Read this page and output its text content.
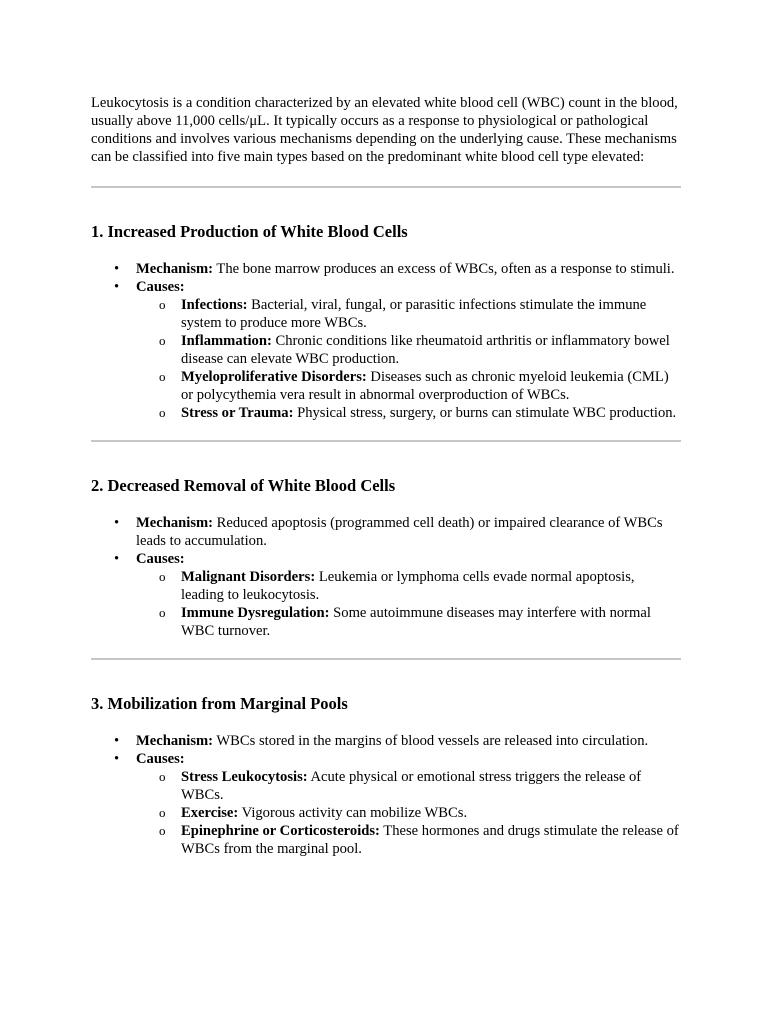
Leukocytosis is a condition characterized by an elevated white blood cell (WBC) count in the blood, usually above 11,000 cells/μL. It typically occurs as a response to physiological or pathological conditions and involves various mechanisms depending on the underlying cause. These mechanisms can be classified into five main types based on the predominant white blood cell type elevated:

1. Increased Production of White Blood Cells
• Mechanism: The bone marrow produces an excess of WBCs, often as a response to stimuli.
• Causes:
o Infections: Bacterial, viral, fungal, or parasitic infections stimulate the immune system to produce more WBCs.
o Inflammation: Chronic conditions like rheumatoid arthritis or inflammatory bowel disease can elevate WBC production.
o Myeloproliferative Disorders: Diseases such as chronic myeloid leukemia (CML) or polycythemia vera result in abnormal overproduction of WBCs.
o Stress or Trauma: Physical stress, surgery, or burns can stimulate WBC production.
2. Decreased Removal of White Blood Cells
• Mechanism: Reduced apoptosis (programmed cell death) or impaired clearance of WBCs leads to accumulation.
• Causes:
o Malignant Disorders: Leukemia or lymphoma cells evade normal apoptosis, leading to leukocytosis.
o Immune Dysregulation: Some autoimmune diseases may interfere with normal WBC turnover.
3. Mobilization from Marginal Pools
• Mechanism: WBCs stored in the margins of blood vessels are released into circulation.
• Causes:
o Stress Leukocytosis: Acute physical or emotional stress triggers the release of WBCs.
o Exercise: Vigorous activity can mobilize WBCs.
o Epinephrine or Corticosteroids: These hormones and drugs stimulate the release of WBCs from the marginal pool.
